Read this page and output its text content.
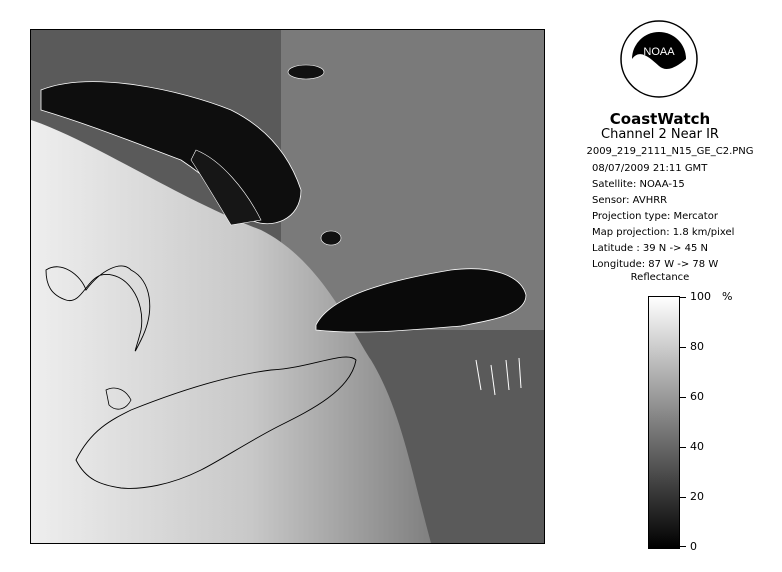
NOAA
CoastWatch
Channel 2 Near IR
2009_219_2111_N15_GE_C2.PNG
08/07/2009 21:11 GMT
Satellite: NOAA-15
Sensor: AVHRR
Projection type: Mercator
Map projection: 1.8 km/pixel
Latitude : 39 N -> 45 N
Longitude: 87 W -> 78 W
Reflectance
%
100
80
60
40
20
0
